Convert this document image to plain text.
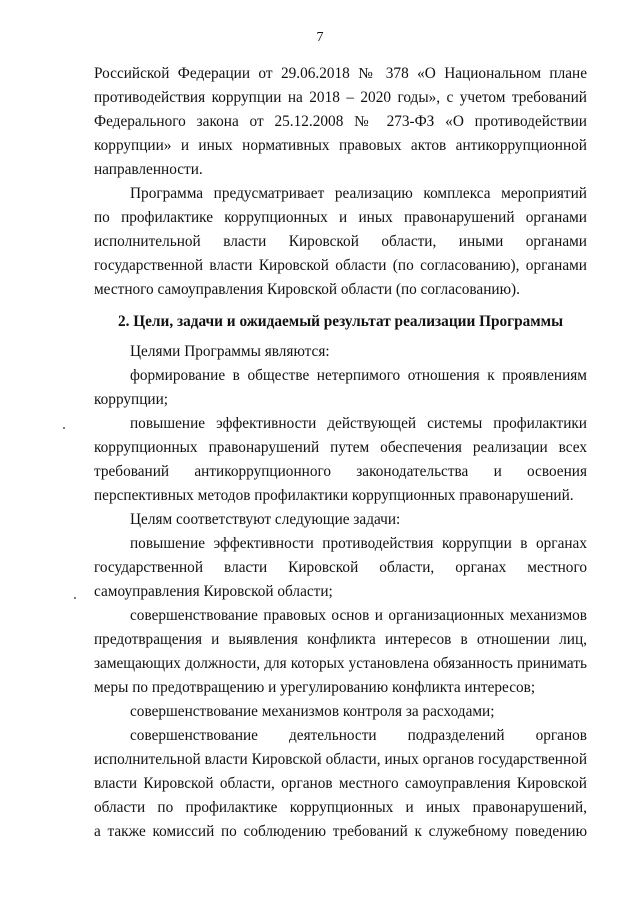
7
Российской Федерации от 29.06.2018 № 378 «О Национальном плане
противодействия коррупции на 2018 – 2020 годы», с учетом требований
Федерального закона от 25.12.2008 № 273-ФЗ «О противодействии
коррупции» и иных нормативных правовых актов антикоррупционной
направленности.
Программа предусматривает реализацию комплекса мероприятий
по профилактике коррупционных и иных правонарушений органами
исполнительной власти Кировской области, иными органами
государственной власти Кировской области (по согласованию), органами
местного самоуправления Кировской области (по согласованию).
2. Цели, задачи и ожидаемый результат реализации Программы
Целями Программы являются:
формирование в обществе нетерпимого отношения к проявлениям
коррупции;
повышение эффективности действующей системы профилактики
коррупционных правонарушений путем обеспечения реализации всех
требований антикоррупционного законодательства и освоения
перспективных методов профилактики коррупционных правонарушений.
Целям соответствуют следующие задачи:
повышение эффективности противодействия коррупции в органах
государственной власти Кировской области, органах местного
самоуправления Кировской области;
совершенствование правовых основ и организационных механизмов
предотвращения и выявления конфликта интересов в отношении лиц,
замещающих должности, для которых установлена обязанность принимать
меры по предотвращению и урегулированию конфликта интересов;
совершенствование механизмов контроля за расходами;
совершенствование деятельности подразделений органов
исполнительной власти Кировской области, иных органов государственной
власти Кировской области, органов местного самоуправления Кировской
области по профилактике коррупционных и иных правонарушений,
а также комиссий по соблюдению требований к служебному поведению
